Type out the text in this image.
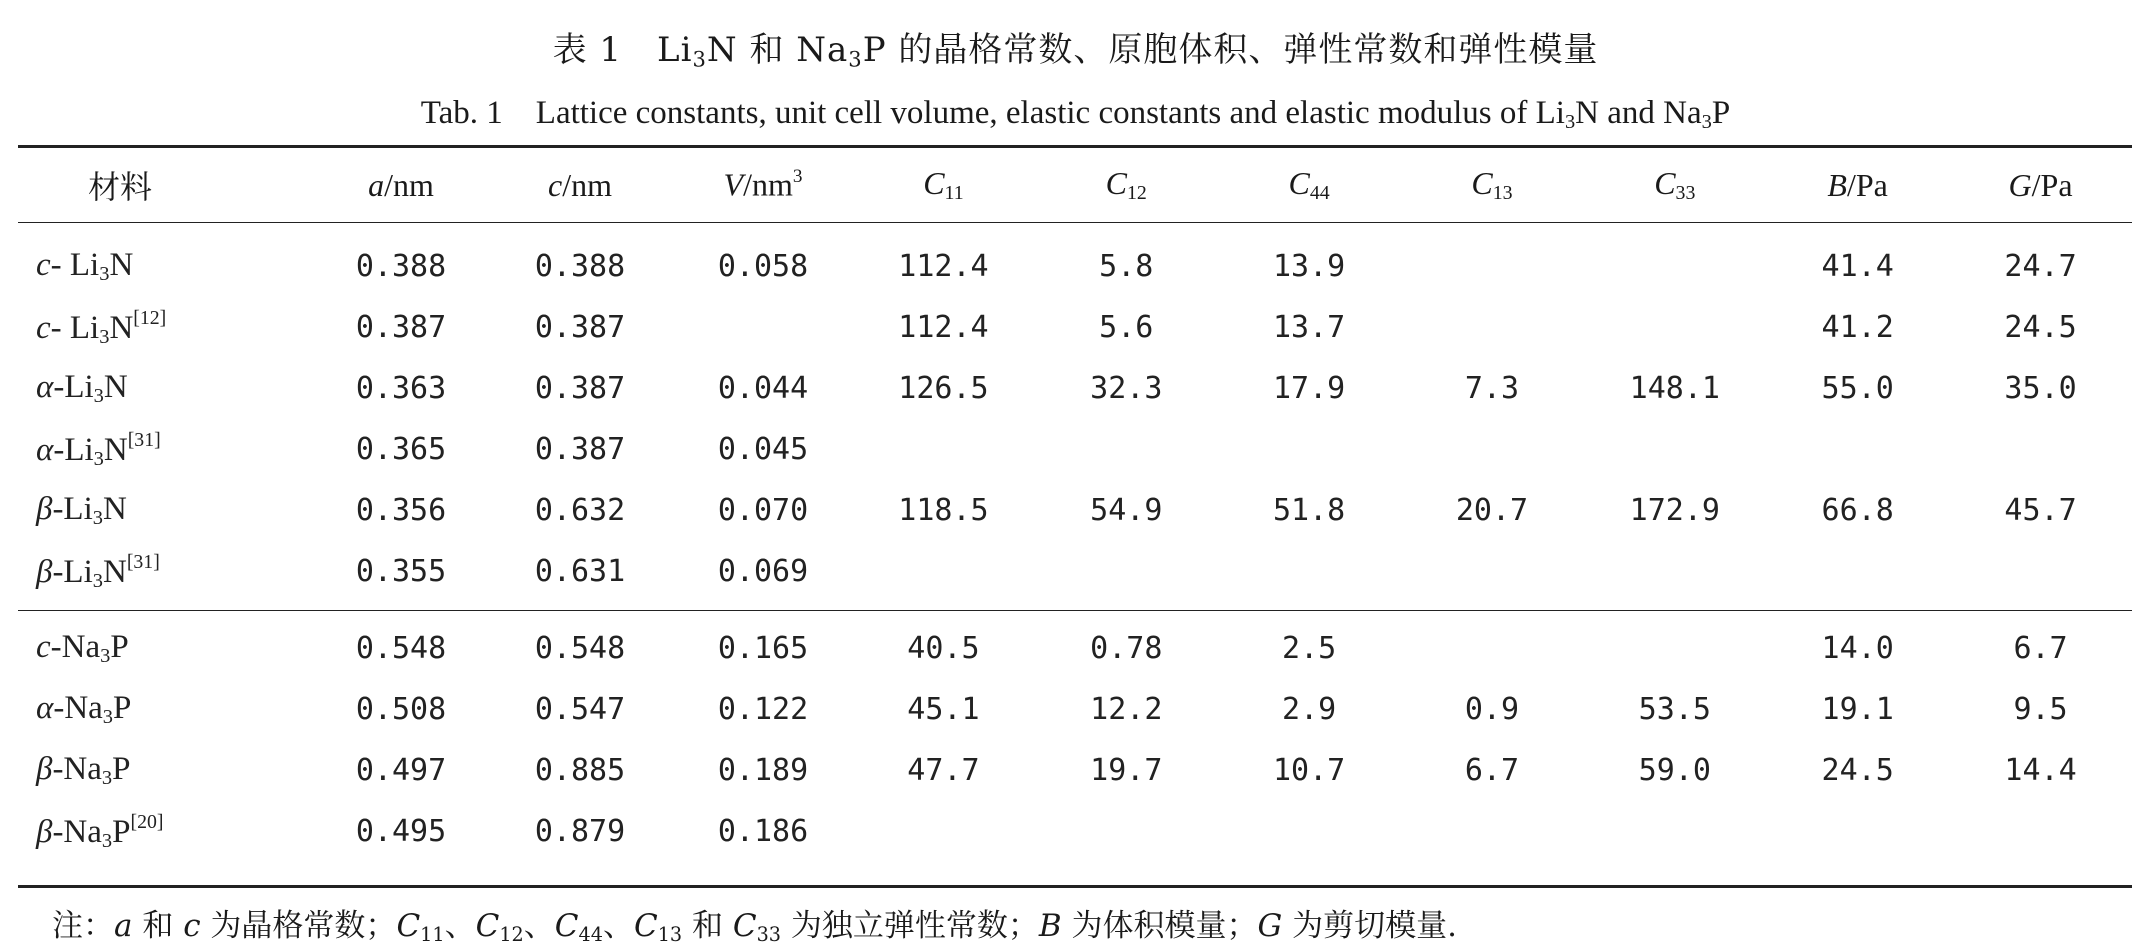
表 1　$Li_3N$ 和 $Na_3P$ 的晶格常数、原胞体积、弹性常数和弹性模量
Tab. 1　Lattice constants, unit cell volume, elastic constants and elastic modulus of $Li_3N$ and $Na_3P$
材料	a/nm	c/nm	$V/nm^3$	$C_{11}$	$C_{12}$	$C_{44}$	$C_{13}$	$C_{33}$	B/Pa	G/Pa

c- $Li_3N$	0.388	0.388	0.058	112.4	5.8	13.9			41.4	24.7
c- $Li_3N[12]$	0.387	0.387		112.4	5.6	13.7			41.2	24.5
$\alpha-Li_3N$	0.363	0.387	0.044	126.5	32.3	17.9	7.3	148.1	55.0	35.0
$\alpha-Li_3N[31]$	0.365	0.387	0.045							
$\beta-Li_3N$	0.356	0.632	0.070	118.5	54.9	51.8	20.7	172.9	66.8	45.7
$\beta-Li_3N[31]$	0.355	0.631	0.069							

$c-Na_3P$	0.548	0.548	0.165	40.5	0.78	2.5			14.0	6.7
$\alpha-Na_3P$	0.508	0.547	0.122	45.1	12.2	2.9	0.9	53.5	19.1	9.5
$\beta-Na_3P$	0.497	0.885	0.189	47.7	19.7	10.7	6.7	59.0	24.5	14.4
$\beta-Na_3P[20]$	0.495	0.879	0.186							
注：a 和 c 为晶格常数；$C_{11}$、$C_{12}$、$C_{44}$、$C_{13}$ 和 $C_{33}$ 为独立弹性常数；B 为体积模量；G 为剪切模量.
